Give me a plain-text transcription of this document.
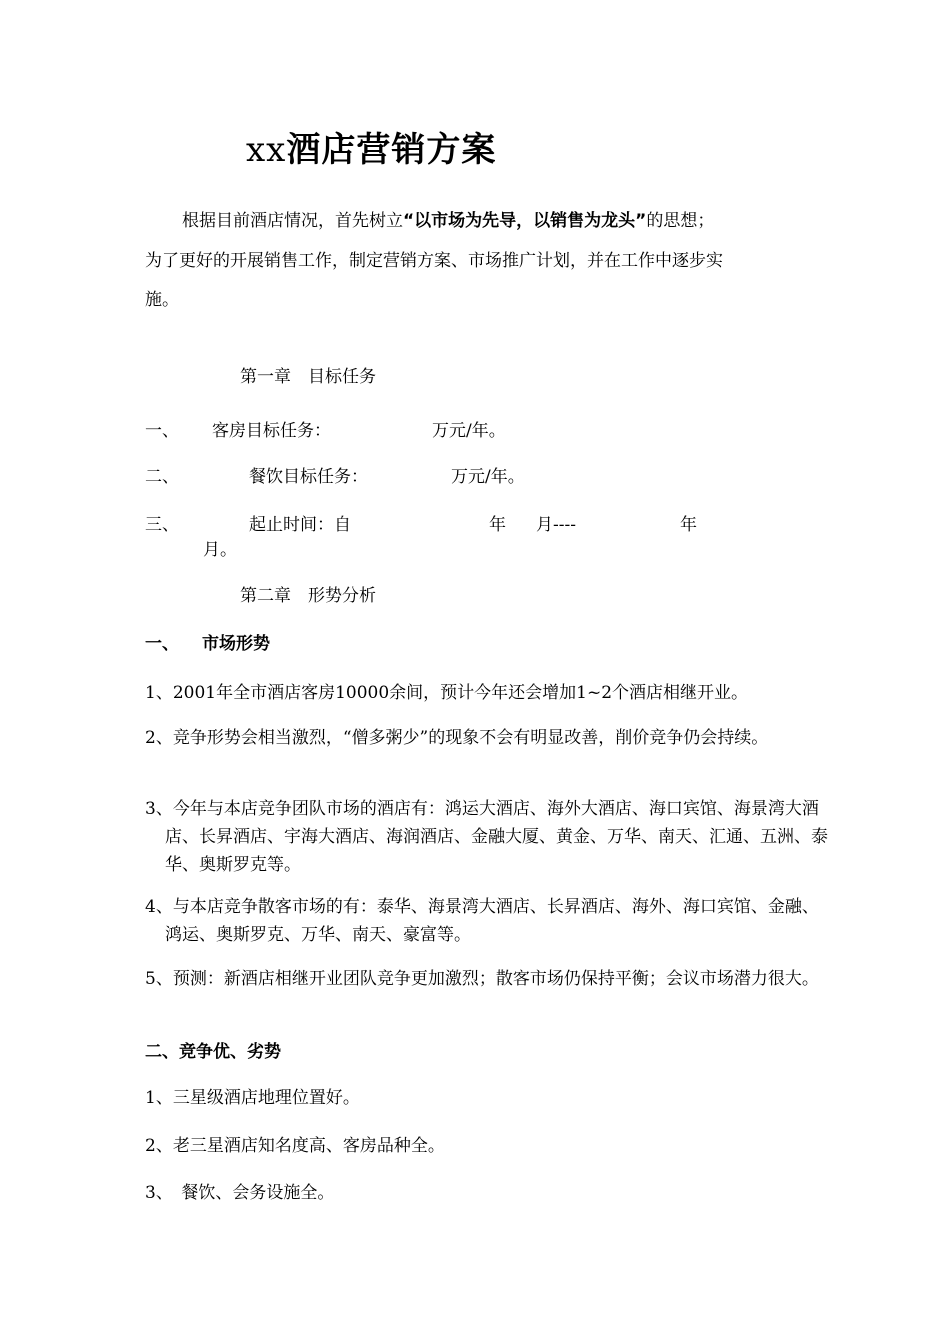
xx酒店营销方案
根据目前酒店情况，首先树立“以市场为先导，以销售为龙头”的思想；
为了更好的开展销售工作，制定营销方案、市场推广计划，并在工作中逐步实
施。
第一章　目标任务
一、 客房目标任务：	万元/年。
二、	餐饮目标任务：	万元/年。
三、	起止时间：自	年 月----	年
月。
第二章　形势分析
一、 市场形势
1、2001年全市酒店客房10000余间，预计今年还会增加1~2个酒店相继开业。
2、竞争形势会相当激烈，“僧多粥少”的现象不会有明显改善，削价竞争仍会持续。
3、今年与本店竞争团队市场的酒店有：鸿运大酒店、海外大酒店、海口宾馆、海景湾大酒店、长昇酒店、宇海大酒店、海润酒店、金融大厦、黄金、万华、南天、汇通、五洲、泰华、奥斯罗克等。
4、与本店竞争散客市场的有：泰华、海景湾大酒店、长昇酒店、海外、海口宾馆、金融、鸿运、奥斯罗克、万华、南天、豪富等。
5、预测：新酒店相继开业团队竞争更加激烈；散客市场仍保持平衡；会议市场潜力很大。
二、竞争优、劣势
1、三星级酒店地理位置好。
2、老三星酒店知名度高、客房品种全。
3、　餐饮、会务设施全。
